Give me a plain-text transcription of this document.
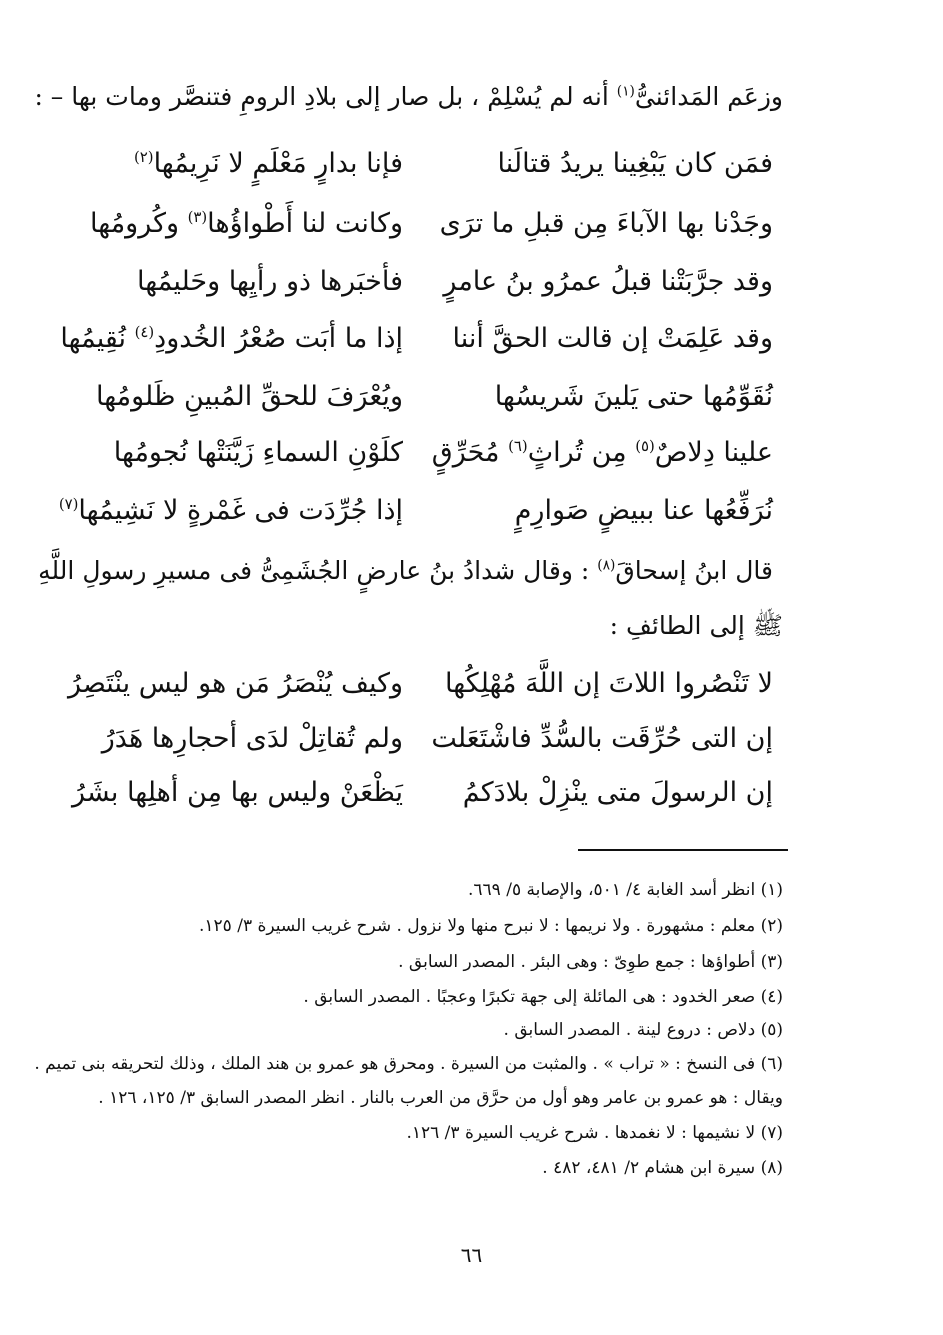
وزعَم المَدائنىُّ$^{(١)}$ أنه لم يُسْلِمْ ، بل صار إلى بلادِ الرومِ فتنصَّر ومات بها – :
فمَن كان يَبْغِينا يريدُ قتالَنا
فإنا بدارٍ مَعْلَمٍ لا نَرِيمُها$^{(٢)}$
وجَدْنا بها الآباءَ مِن قبلِ ما ترَى
وكانت لنا أَطْواؤُها$^{(٣)}$ وكُرومُها
وقد جرَّبَتْنا قبلُ عمرُو بنُ عامرٍ
فأخبَرها ذو رأيِها وحَليمُها
وقد عَلِمَتْ إن قالت الحقَّ أننا
إذا ما أبَت صُعْرُ الخُدودِ$^{(٤)}$ نُقِيمُها
نُقَوِّمُها حتى يَلينَ شَريسُها
ويُعْرَفَ للحقِّ المُبينِ ظَلومُها
علينا دِلاصٌ$^{(٥)}$ مِن تُراثٍ$^{(٦)}$ مُحَرِّقٍ
كلَوْنِ السماءِ زَيَّنَتْها نُجومُها
نُرَفِّعُها عنا ببيضٍ صَوارِمٍ
إذا جُرِّدَت فى غَمْرةٍ لا نَشِيمُها$^{(٧)}$
قال ابنُ إسحاقَ$^{(٨)}$ : وقال شدادُ بنُ عارضٍ الجُشَمِىُّ فى مسيرِ رسولِ اللَّهِ
ﷺ إلى الطائفِ :
لا تَنْصُروا اللاتَ إن اللَّهَ مُهْلِكُها
وكيف يُنْصَرُ مَن هو ليس ينْتَصِرُ
إن التى حُرِّقَت بالسُّدِّ فاشْتَعَلت
ولم تُقاتِلْ لدَى أحجارِها هَدَرُ
إن الرسولَ متى ينْزِلْ بلادَكمُ
يَظْعَنْ وليس بها مِن أهلِها بشَرُ
(١) انظر أسد الغابة ٤/ ٥٠١، والإصابة ٥/ ٦٦٩.
(٢) معلم : مشهورة . ولا نريمها : لا نبرح منها ولا نزول . شرح غريب السيرة ٣/ ١٢٥.
(٣) أطواؤها : جمع طوِىّ : وهى البئر . المصدر السابق .
(٤) صعر الخدود : هى المائلة إلى جهة تكبرًا وعجبًا . المصدر السابق .
(٥) دلاص : دروع لينة . المصدر السابق .
(٦) فى النسخ : « تراب » . والمثبت من السيرة . ومحرق هو عمرو بن هند الملك ، وذلك لتحريقه بنى تميم .
ويقال : هو عمرو بن عامر وهو أول من حرَّق من العرب بالنار . انظر المصدر السابق ٣/ ١٢٥، ١٢٦ .
(٧) لا نشيمها : لا نغمدها . شرح غريب السيرة ٣/ ١٢٦.
(٨) سيرة ابن هشام ٢/ ٤٨١، ٤٨٢ .
٦٦
